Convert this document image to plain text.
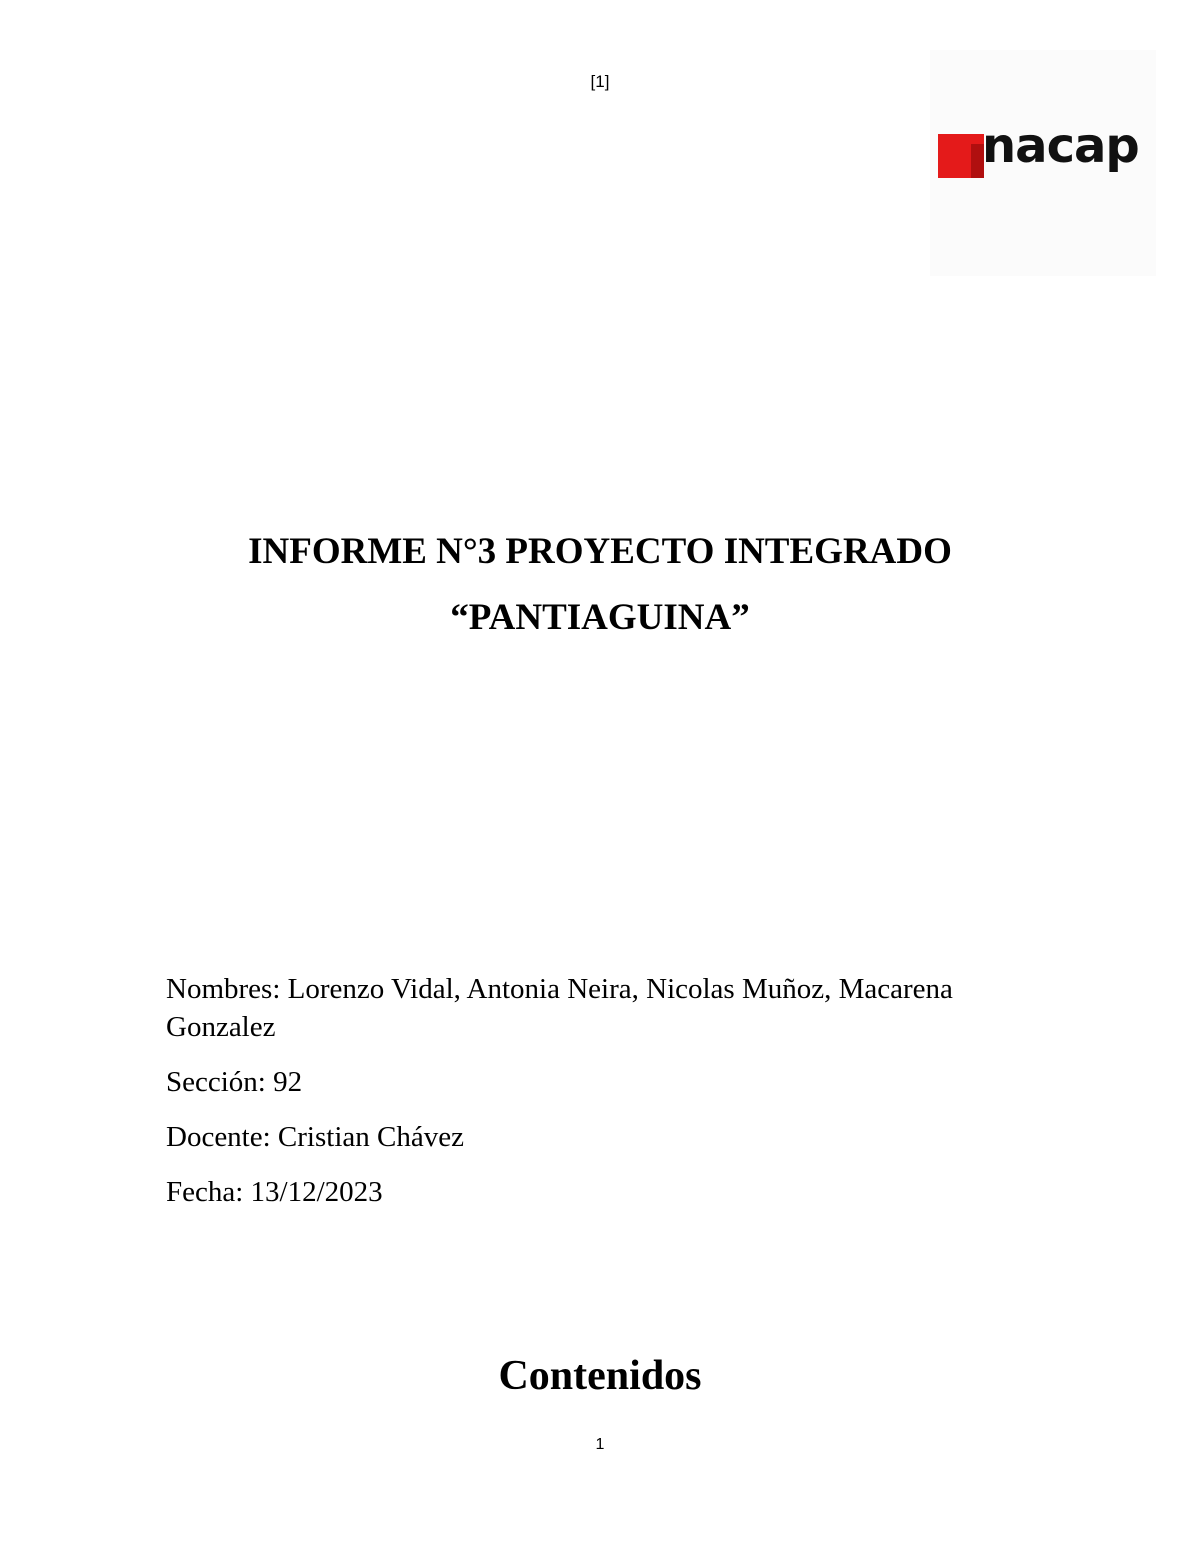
[1]
nacap
INFORME N°3 PROYECTO INTEGRADO
“PANTIAGUINA”

Nombres: Lorenzo Vidal, Antonia Neira, Nicolas Muñoz, Macarena Gonzalez

Sección: 92

Docente: Cristian Chávez

Fecha: 13/12/2023

Contenidos
1
